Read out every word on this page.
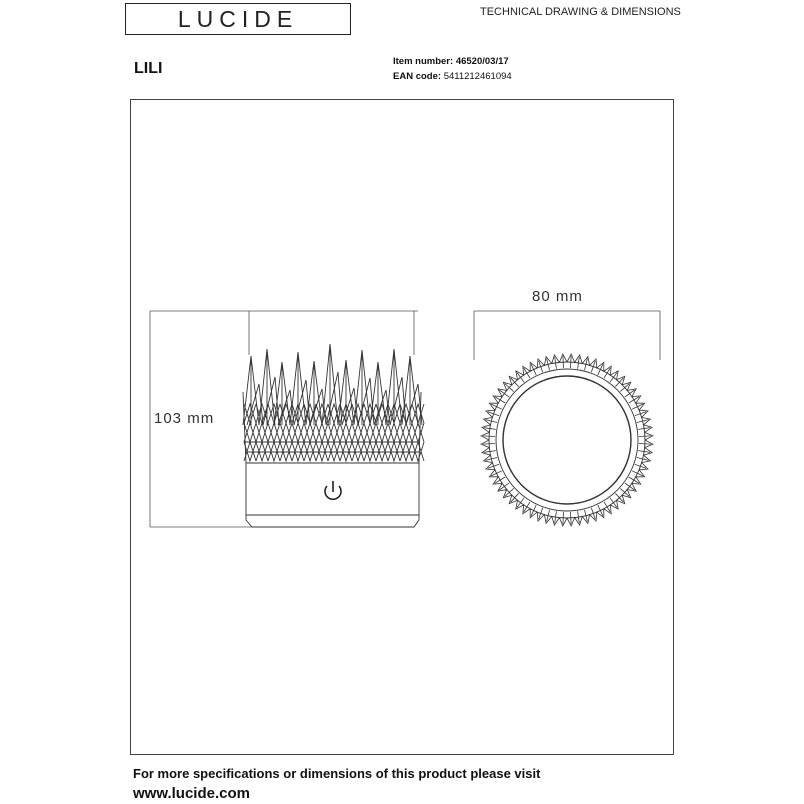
LUCIDE	TECHNICAL DRAWING & DIMENSIONS
LILI	Item number: 46520/03/17
EAN code: 5411212461094
103 mm
80 mm
For more specifications or dimensions of this product please visit
www.lucide.com
